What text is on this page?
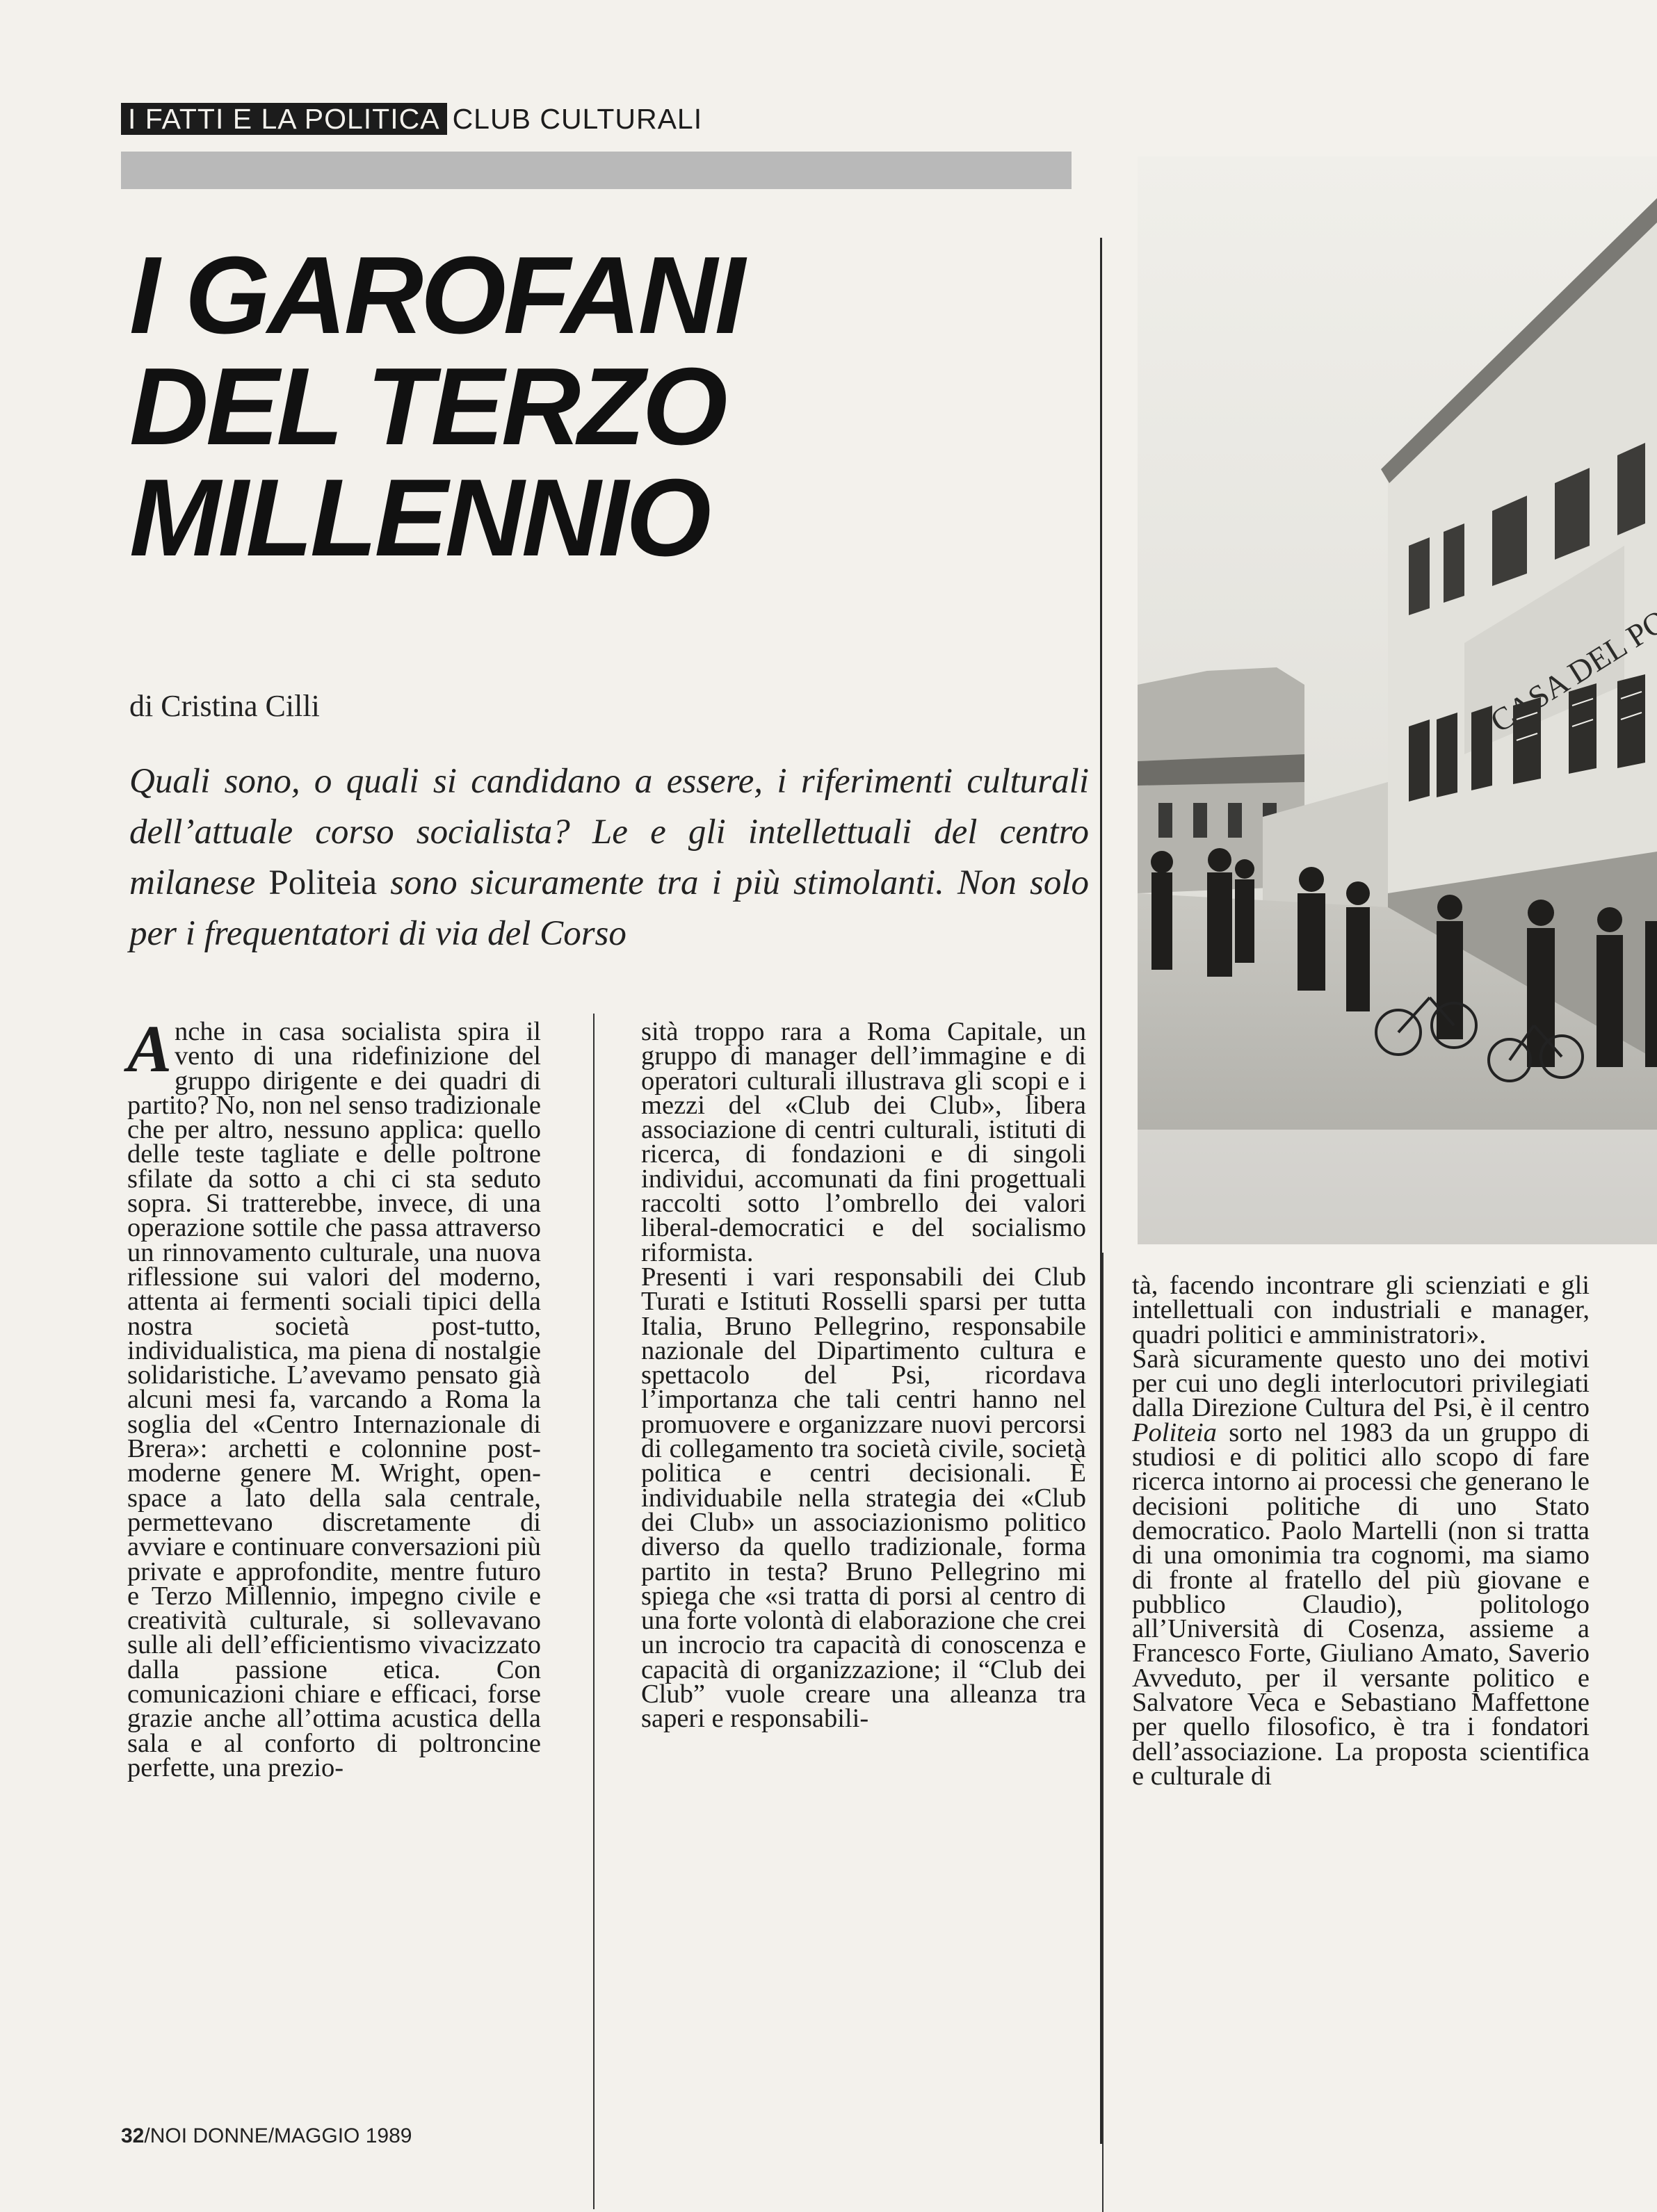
I FATTI E LA POLITICA CLUB CULTURALI
I GAROFANI
DEL TERZO
MILLENNIO
di Cristina Cilli

Quali sono, o quali si candidano a essere, i riferimenti culturali dell’attuale corso socialista? Le e gli intellettuali del centro milanese Politeia sono sicuramente tra i più stimolanti. Non solo per i frequentatori di via del Corso

Anche in casa socialista spira il vento di una ridefinizione del gruppo dirigente e dei quadri di partito? No, non nel senso tradizionale che per altro, nessuno applica: quello delle teste tagliate e delle poltrone sfilate da sotto a chi ci sta seduto sopra. Si tratterebbe, invece, di una operazione sottile che passa attraverso un rinnovamento culturale, una nuova riflessione sui valori del moderno, attenta ai fermenti sociali tipici della nostra società post-tutto, individualistica, ma piena di nostalgie solidaristiche. L’avevamo pensato già alcuni mesi fa, varcando a Roma la soglia del «Centro Internazionale di Brera»: archetti e colonnine post-moderne genere M. Wright, open-space a lato della sala centrale, permettevano discretamente di avviare e continuare conversazioni più private e approfondite, mentre futuro e Terzo Millennio, impegno civile e creatività culturale, si sollevavano sulle ali dell’efficientismo vivacizzato dalla passione etica. Con comunicazioni chiare e efficaci, forse grazie anche all’ottima acustica della sala e al conforto di poltroncine perfette, una prezio-

sità troppo rara a Roma Capitale, un gruppo di manager dell’immagine e di operatori culturali illustrava gli scopi e i mezzi del «Club dei Club», libera associazione di centri culturali, istituti di ricerca, di fondazioni e di singoli individui, accomunati da fini progettuali raccolti sotto l’ombrello dei valori liberal-democratici e del socialismo riformista.

Presenti i vari responsabili dei Club Turati e Istituti Rosselli sparsi per tutta Italia, Bruno Pellegrino, responsabile nazionale del Dipartimento cultura e spettacolo del Psi, ricordava l’importanza che tali centri hanno nel promuovere e organizzare nuovi percorsi di collegamento tra società civile, società politica e centri decisionali. È individuabile nella strategia dei «Club dei Club» un associazionismo politico diverso da quello tradizionale, forma partito in testa? Bruno Pellegrino mi spiega che «si tratta di porsi al centro di una forte volontà di elaborazione che crei un incrocio tra capacità di conoscenza e capacità di organizzazione; il “Club dei Club” vuole creare una alleanza tra saperi e responsabili-

tà, facendo incontrare gli scienziati e gli intellettuali con industriali e manager, quadri politici e amministratori».

Sarà sicuramente questo uno dei motivi per cui uno degli interlocutori privilegiati dalla Direzione Cultura del Psi, è il centro Politeia sorto nel 1983 da un gruppo di studiosi e di politici allo scopo di fare ricerca intorno ai processi che generano le decisioni politiche di uno Stato democratico. Paolo Martelli (non si tratta di una omonimia tra cognomi, ma siamo di fronte al fratello del più giovane e pubblico Claudio), politologo all’Università di Cosenza, assieme a Francesco Forte, Giuliano Amato, Saverio Avveduto, per il versante politico e Salvatore Veca e Sebastiano Maffettone per quello filosofico, è tra i fondatori dell’associazione. La proposta scientifica e culturale di

DEL
32/NOI DONNE/MAGGIO 1989
